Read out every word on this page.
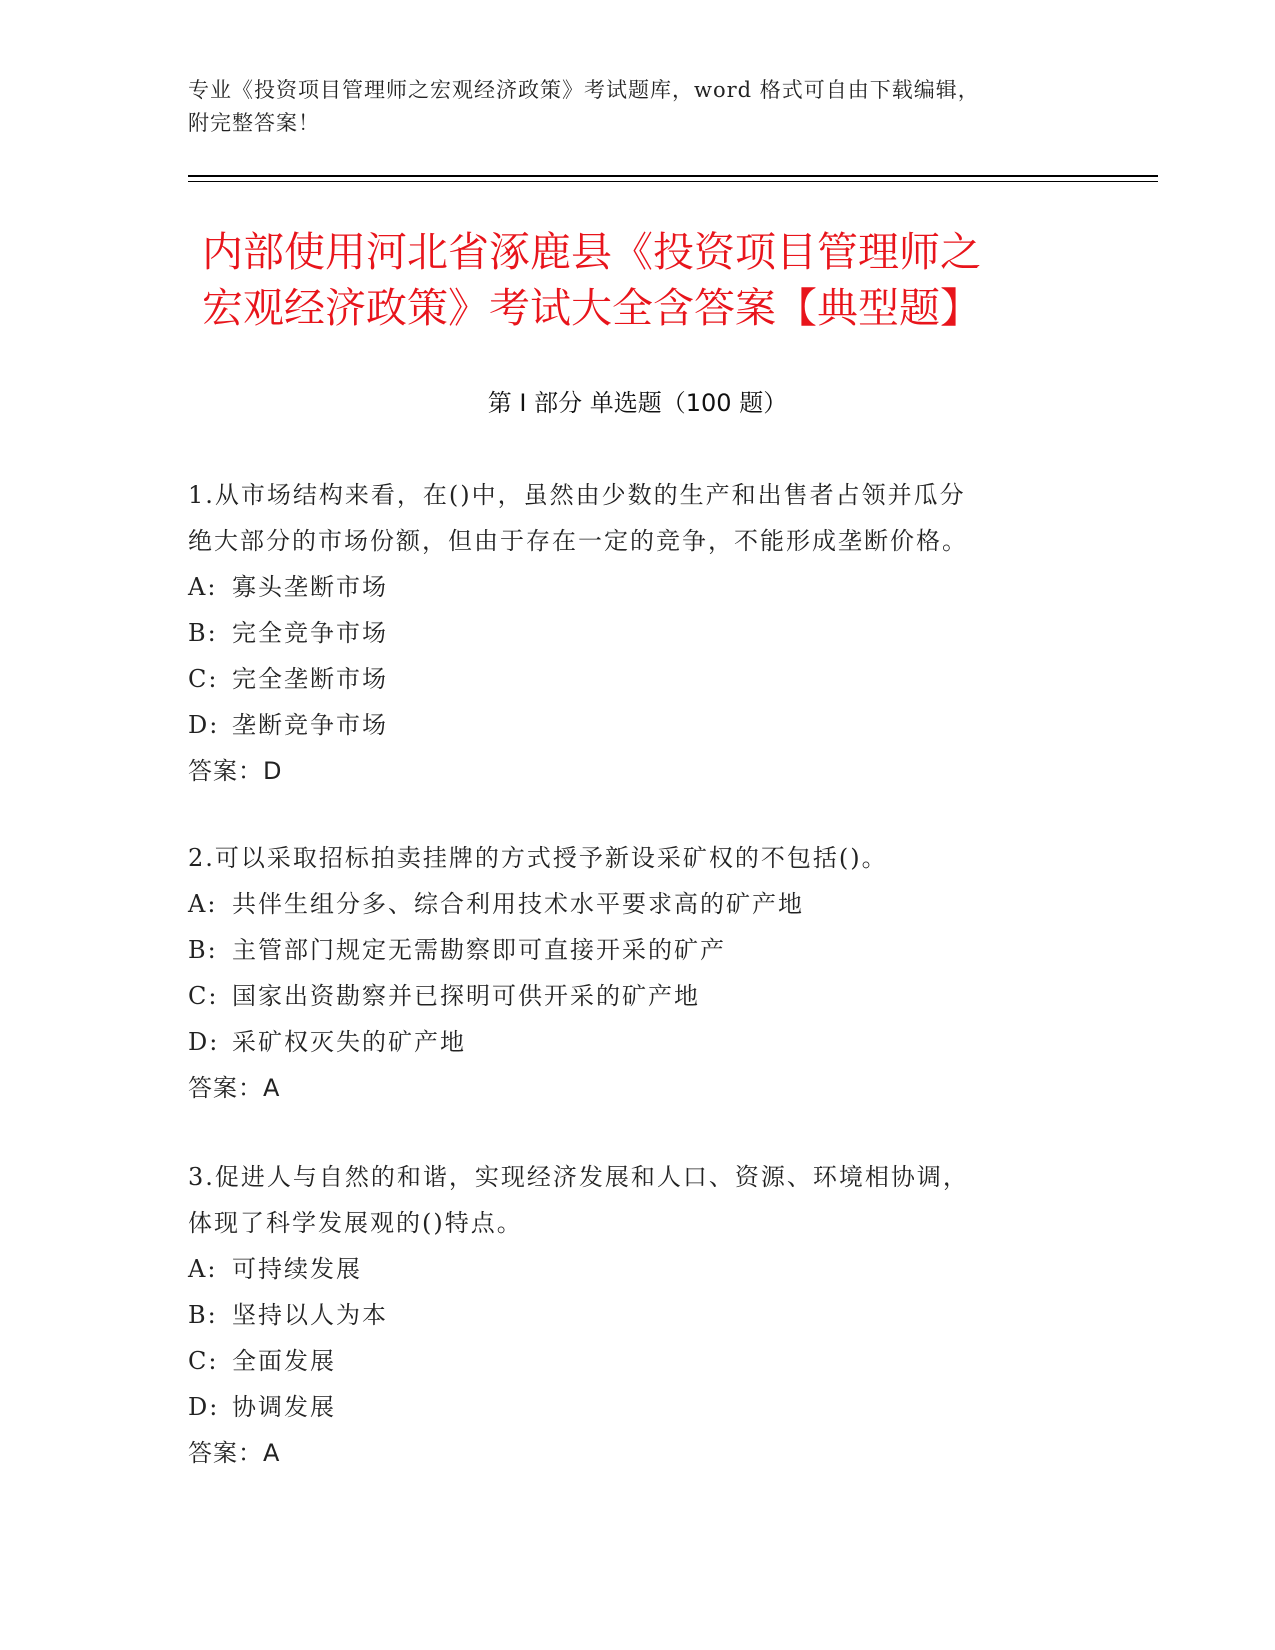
专业《投资项目管理师之宏观经济政策》考试题库，word 格式可自由下载编辑，
附完整答案！
内部使用河北省涿鹿县《投资项目管理师之
宏观经济政策》考试大全含答案【典型题】
第 I 部分 单选题（100 题）

1.从市场结构来看，在()中，虽然由少数的生产和出售者占领并瓜分

绝大部分的市场份额，但由于存在一定的竞争，不能形成垄断价格。

A: 寡头垄断市场

B: 完全竞争市场

C: 完全垄断市场

D: 垄断竞争市场

答案：D

2.可以采取招标拍卖挂牌的方式授予新设采矿权的不包括()。

A: 共伴生组分多、综合利用技术水平要求高的矿产地

B: 主管部门规定无需勘察即可直接开采的矿产

C: 国家出资勘察并已探明可供开采的矿产地

D: 采矿权灭失的矿产地

答案：A

3.促进人与自然的和谐，实现经济发展和人口、资源、环境相协调，

体现了科学发展观的()特点。

A: 可持续发展

B: 坚持以人为本

C: 全面发展

D: 协调发展

答案：A
